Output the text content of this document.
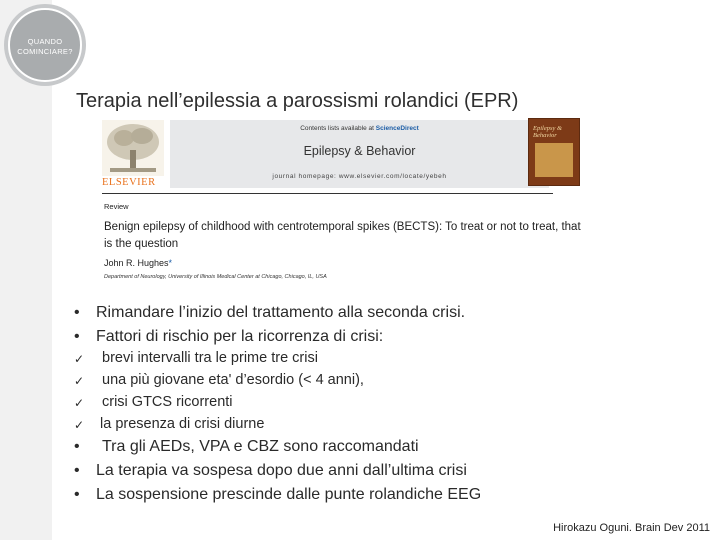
QUANDO COMINCIARE?
Terapia nell’epilessia a parossismi rolandici (EPR)
ELSEVIER
Contents lists available at ScienceDirect
Epilepsy & Behavior
journal homepage: www.elsevier.com/locate/yebeh
Epilepsy & Behavior
Review
Benign epilepsy of childhood with centrotemporal spikes (BECTS): To treat or not to treat, that is the question
John R. Hughes*
Department of Neurology, University of Illinois Medical Center at Chicago, Chicago, IL, USA
• Rimandare l’inizio del trattamento alla seconda crisi.
• Fattori di rischio per la ricorrenza di crisi:
✓ brevi intervalli tra le prime tre crisi
✓ una più giovane eta' d’esordio (< 4 anni),
✓ crisi GTCS ricorrenti
✓ la presenza di crisi diurne
• Tra gli AEDs, VPA e CBZ sono raccomandati
• La terapia va sospesa dopo due anni dall’ultima crisi
• La sospensione prescinde dalle punte rolandiche EEG
Hirokazu Oguni. Brain Dev 2011
